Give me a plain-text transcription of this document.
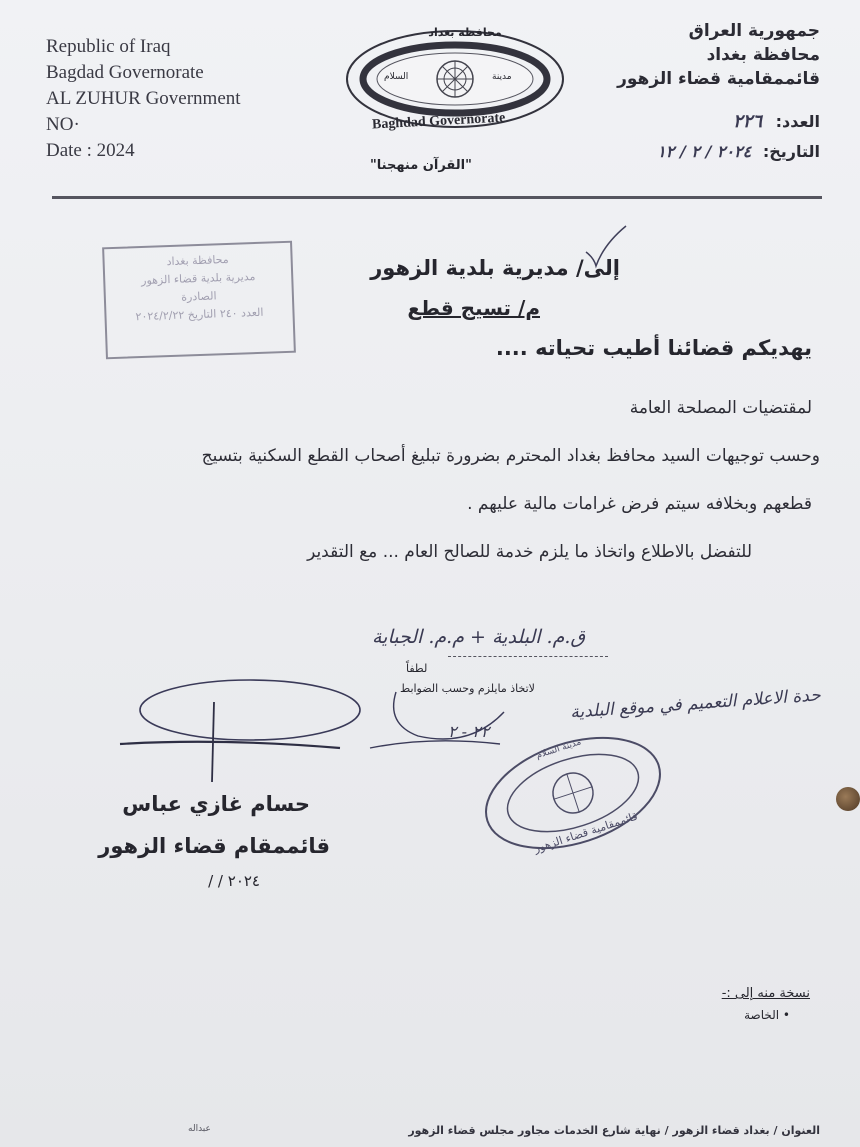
Republic of Iraq
Bagdad Governorate
AL ZUHUR Government
NO·
Date : 2024
جمهورية العراق
محافظة بغداد
قائممقامية قضاء الزهور
العدد: ٢٢٦
التاريخ: ٢٠٢٤ / ٢ / ١٢
محافظة بغداد
مدينة
السلام
Baghdad Governorate
"القرآن منهجنا"
محافظة بغداد
مديرية بلدية قضاء الزهور
الصادرة
العدد ٢٤٠ التاريخ ٢٠٢٤/٢/٢٢
إلى/ مديرية بلدية الزهور
م/ تسيج قطع
يهديكم قضائنا أطيب تحياته ....
لمقتضيات المصلحة العامة
وحسب توجيهات السيد محافظ بغداد المحترم بضرورة تبليغ أصحاب القطع السكنية بتسيج
قطعهم وبخلافه سيتم فرض غرامات مالية عليهم .
للتفضل بالاطلاع واتخاذ ما يلزم خدمة للصالح العام ... مع التقدير
ق.م. البلدية + م.م. الجباية
لطفاً
لاتخاذ مايلزم وحسب الضوابط حدة الاعلام التعميم في موقع البلدية
٢٢ - ٢
حسام غازي عباس
قائممقام قضاء الزهور
٢٠٢٤ / /
قائممقامية قضاء الزهور
مدينة السلام
نسخة منه إلى :-
• الخاصة
العنوان / بغداد قضاء الزهور / نهاية شارع الخدمات مجاور مجلس قضاء الزهور
عبداله
